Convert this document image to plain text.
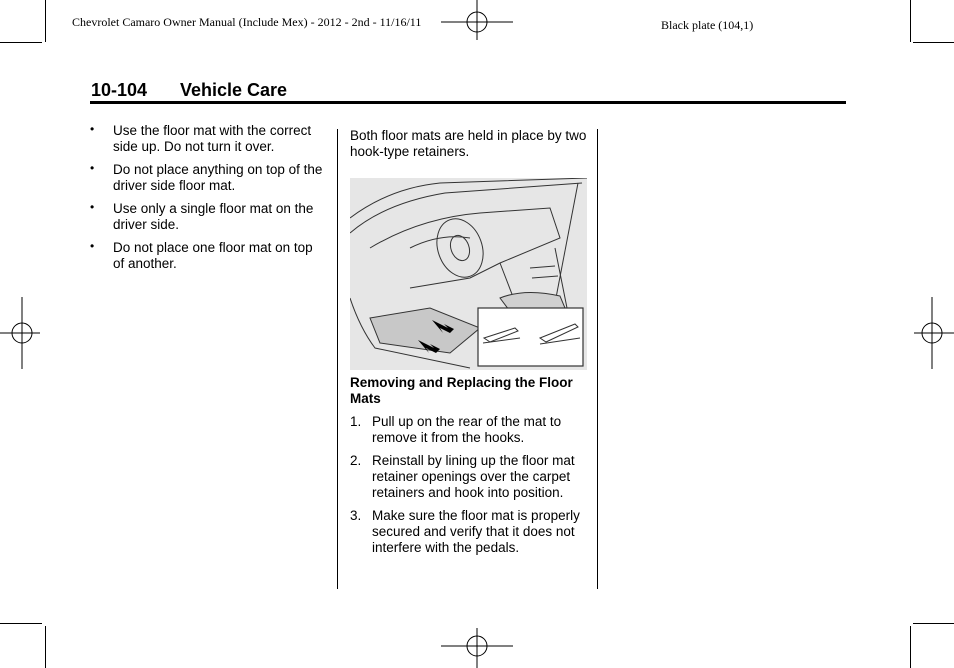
Chevrolet Camaro Owner Manual (Include Mex) - 2012 - 2nd - 11/16/11	Black plate (104,1)
10-104 Vehicle Care
• Use the floor mat with the correct side up. Do not turn it over.
• Do not place anything on top of the driver side floor mat.
• Use only a single floor mat on the driver side.
• Do not place one floor mat on top of another.
Both floor mats are held in place by two hook-type retainers.
Removing and Replacing the Floor Mats
1. Pull up on the rear of the mat to remove it from the hooks.
2. Reinstall by lining up the floor mat retainer openings over the carpet retainers and hook into position.
3. Make sure the floor mat is properly secured and verify that it does not interfere with the pedals.
